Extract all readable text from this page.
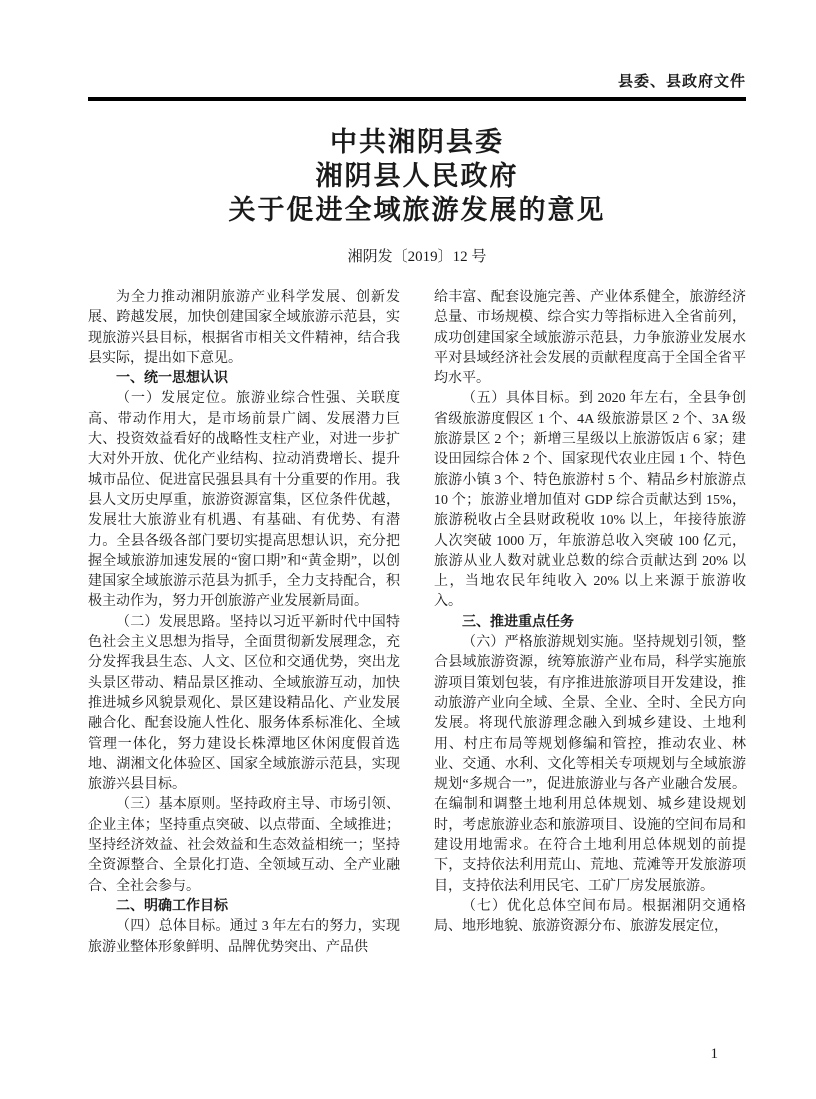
县委、县政府文件
中共湘阴县委
湘阴县人民政府
关于促进全域旅游发展的意见
湘阴发〔2019〕12 号

为全力推动湘阴旅游产业科学发展、创新发展、跨越发展，加快创建国家全域旅游示范县，实现旅游兴县目标，根据省市相关文件精神，结合我县实际，提出如下意见。

一、统一思想认识

（一）发展定位。旅游业综合性强、关联度高、带动作用大，是市场前景广阔、发展潜力巨大、投资效益看好的战略性支柱产业，对进一步扩大对外开放、优化产业结构、拉动消费增长、提升城市品位、促进富民强县具有十分重要的作用。我县人文历史厚重，旅游资源富集，区位条件优越，发展壮大旅游业有机遇、有基础、有优势、有潜力。全县各级各部门要切实提高思想认识，充分把握全域旅游加速发展的“窗口期”和“黄金期”，以创建国家全域旅游示范县为抓手，全力支持配合，积极主动作为，努力开创旅游产业发展新局面。

（二）发展思路。坚持以习近平新时代中国特色社会主义思想为指导，全面贯彻新发展理念，充分发挥我县生态、人文、区位和交通优势，突出龙头景区带动、精品景区推动、全域旅游互动，加快推进城乡风貌景观化、景区建设精品化、产业发展融合化、配套设施人性化、服务体系标准化、全域管理一体化，努力建设长株潭地区休闲度假首选地、湖湘文化体验区、国家全域旅游示范县，实现旅游兴县目标。

（三）基本原则。坚持政府主导、市场引领、企业主体；坚持重点突破、以点带面、全域推进；坚持经济效益、社会效益和生态效益相统一；坚持全资源整合、全景化打造、全领域互动、全产业融合、全社会参与。

二、明确工作目标

（四）总体目标。通过 3 年左右的努力，实现旅游业整体形象鲜明、品牌优势突出、产品供

给丰富、配套设施完善、产业体系健全，旅游经济总量、市场规模、综合实力等指标进入全省前列，成功创建国家全域旅游示范县，力争旅游业发展水平对县域经济社会发展的贡献程度高于全国全省平均水平。

（五）具体目标。到 2020 年左右，全县争创省级旅游度假区 1 个、4A 级旅游景区 2 个、3A 级旅游景区 2 个；新增三星级以上旅游饭店 6 家；建设田园综合体 2 个、国家现代农业庄园 1 个、特色旅游小镇 3 个、特色旅游村 5 个、精品乡村旅游点 10 个；旅游业增加值对 GDP 综合贡献达到 15%，旅游税收占全县财政税收 10% 以上，年接待旅游人次突破 1000 万，年旅游总收入突破 100 亿元，旅游从业人数对就业总数的综合贡献达到 20% 以上，当地农民年纯收入 20% 以上来源于旅游收入。

三、推进重点任务

（六）严格旅游规划实施。坚持规划引领，整合县域旅游资源，统筹旅游产业布局，科学实施旅游项目策划包装，有序推进旅游项目开发建设，推动旅游产业向全域、全景、全业、全时、全民方向发展。将现代旅游理念融入到城乡建设、土地利用、村庄布局等规划修编和管控，推动农业、林业、交通、水利、文化等相关专项规划与全域旅游规划“多规合一”，促进旅游业与各产业融合发展。在编制和调整土地利用总体规划、城乡建设规划时，考虑旅游业态和旅游项目、设施的空间布局和建设用地需求。在符合土地利用总体规划的前提下，支持依法利用荒山、荒地、荒滩等开发旅游项目，支持依法利用民宅、工矿厂房发展旅游。

（七）优化总体空间布局。根据湘阴交通格局、地形地貌、旅游资源分布、旅游发展定位，

1
